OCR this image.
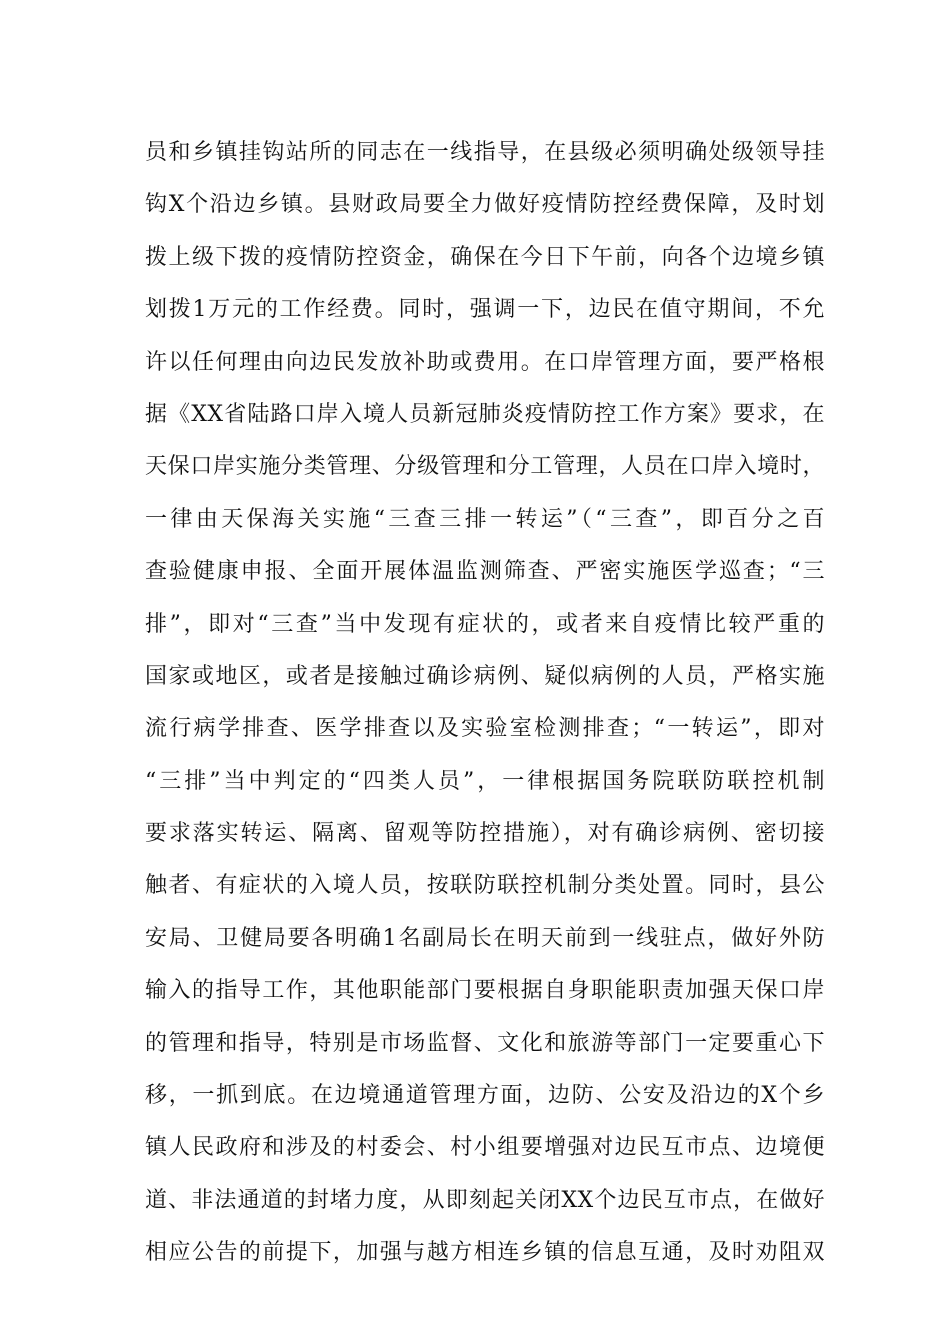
员和乡镇挂钩站所的同志在一线指导，在县级必须明确处级领导挂
钩X个沿边乡镇。县财政局要全力做好疫情防控经费保障，及时划
拨上级下拨的疫情防控资金，确保在今日下午前，向各个边境乡镇
划拨1万元的工作经费。同时，强调一下，边民在值守期间，不允
许以任何理由向边民发放补助或费用。在口岸管理方面，要严格根
据《XX省陆路口岸入境人员新冠肺炎疫情防控工作方案》要求，在
天保口岸实施分类管理、分级管理和分工管理，人员在口岸入境时，
一律由天保海关实施“三查三排一转运”（“三查”，即百分之百
查验健康申报、全面开展体温监测筛查、严密实施医学巡查；“三
排”，即对“三查”当中发现有症状的，或者来自疫情比较严重的
国家或地区，或者是接触过确诊病例、疑似病例的人员，严格实施
流行病学排查、医学排查以及实验室检测排查；“一转运”，即对
“三排”当中判定的“四类人员”，一律根据国务院联防联控机制
要求落实转运、隔离、留观等防控措施），对有确诊病例、密切接
触者、有症状的入境人员，按联防联控机制分类处置。同时，县公
安局、卫健局要各明确1名副局长在明天前到一线驻点，做好外防
输入的指导工作，其他职能部门要根据自身职能职责加强天保口岸
的管理和指导，特别是市场监督、文化和旅游等部门一定要重心下
移，一抓到底。在边境通道管理方面，边防、公安及沿边的X个乡
镇人民政府和涉及的村委会、村小组要增强对边民互市点、边境便
道、非法通道的封堵力度，从即刻起关闭XX个边民互市点，在做好
相应公告的前提下，加强与越方相连乡镇的信息互通，及时劝阻双
